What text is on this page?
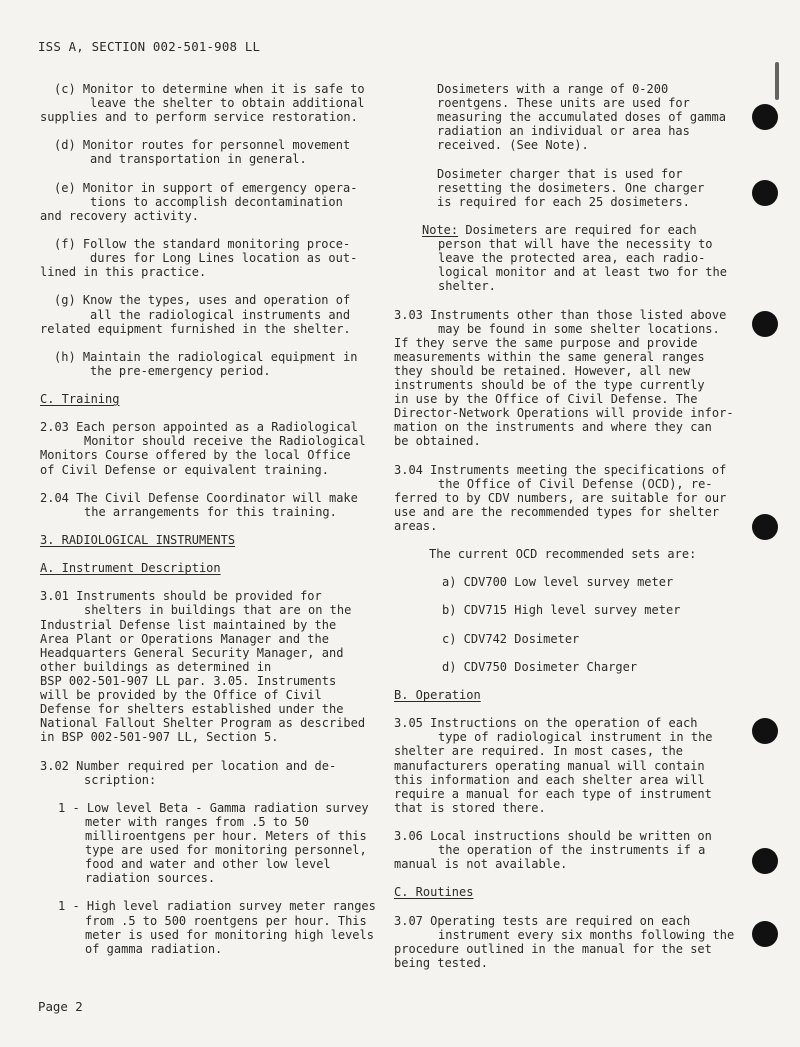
ISS A, SECTION 002-501-908 LL

(c) Monitor to determine when it is safe to
leave the shelter to obtain additional
supplies and to perform service restoration.

(d) Monitor routes for personnel movement
and transportation in general.

(e) Monitor in support of emergency opera-
tions to accomplish decontamination
and recovery activity.

(f) Follow the standard monitoring proce-
dures for Long Lines location as out-
lined in this practice.

(g) Know the types, uses and operation of
all the radiological instruments and
related equipment furnished in the shelter.

(h) Maintain the radiological equipment in
the pre-emergency period.

C. Training

2.03 Each person appointed as a Radiological
Monitor should receive the Radiological
Monitors Course offered by the local Office
of Civil Defense or equivalent training.

2.04 The Civil Defense Coordinator will make
the arrangements for this training.

3. RADIOLOGICAL INSTRUMENTS

A. Instrument Description

3.01 Instruments should be provided for
shelters in buildings that are on the
Industrial Defense list maintained by the
Area Plant or Operations Manager and the
Headquarters General Security Manager, and
other buildings as determined in
BSP 002-501-907 LL par. 3.05. Instruments
will be provided by the Office of Civil
Defense for shelters established under the
National Fallout Shelter Program as described
in BSP 002-501-907 LL, Section 5.

3.02 Number required per location and de-
scription:

1 - Low level Beta - Gamma radiation survey
meter with ranges from .5 to 50
milliroentgens per hour. Meters of this
type are used for monitoring personnel,
food and water and other low level
radiation sources.

1 - High level radiation survey meter ranges
from .5 to 500 roentgens per hour. This
meter is used for monitoring high levels
of gamma radiation.

Dosimeters with a range of 0-200
roentgens. These units are used for
measuring the accumulated doses of gamma
radiation an individual or area has
received. (See Note).

Dosimeter charger that is used for
resetting the dosimeters. One charger
is required for each 25 dosimeters.

Note: Dosimeters are required for each
person that will have the necessity to
leave the protected area, each radio-
logical monitor and at least two for the
shelter.

3.03 Instruments other than those listed above
may be found in some shelter locations.
If they serve the same purpose and provide
measurements within the same general ranges
they should be retained. However, all new
instruments should be of the type currently
in use by the Office of Civil Defense. The
Director-Network Operations will provide infor-
mation on the instruments and where they can
be obtained.

3.04 Instruments meeting the specifications of
the Office of Civil Defense (OCD), re-
ferred to by CDV numbers, are suitable for our
use and are the recommended types for shelter
areas.

The current OCD recommended sets are:

a) CDV700 Low level survey meter

b) CDV715 High level survey meter

c) CDV742 Dosimeter

d) CDV750 Dosimeter Charger

B. Operation

3.05 Instructions on the operation of each
type of radiological instrument in the
shelter are required. In most cases, the
manufacturers operating manual will contain
this information and each shelter area will
require a manual for each type of instrument
that is stored there.

3.06 Local instructions should be written on
the operation of the instruments if a
manual is not available.

C. Routines

3.07 Operating tests are required on each
instrument every six months following the
procedure outlined in the manual for the set
being tested.

Page 2
